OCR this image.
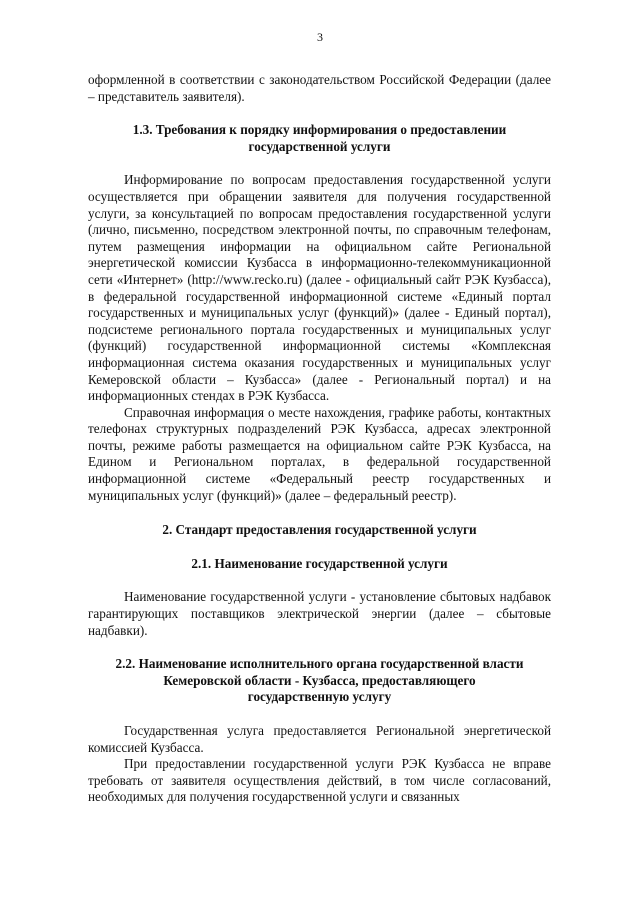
3

оформленной в соответствии с законодательством Российской Федерации (далее – представитель заявителя).

1.3. Требования к порядку информирования о предоставлении
государственной услуги

Информирование по вопросам предоставления государственной услуги осуществляется при обращении заявителя для получения государственной услуги, за консультацией по вопросам предоставления государственной услуги (лично, письменно, посредством электронной почты, по справочным телефонам, путем размещения информации на официальном сайте Региональной энергетической комиссии Кузбасса в информационно-телекоммуникационной сети «Интернет» (http://www.recko.ru) (далее - официальный сайт РЭК Кузбасса), в федеральной государственной информационной системе «Единый портал государственных и муниципальных услуг (функций)» (далее - Единый портал), подсистеме регионального портала государственных и муниципальных услуг (функций) государственной информационной системы «Комплексная информационная система оказания государственных и муниципальных услуг Кемеровской области – Кузбасса» (далее - Региональный портал) и на информационных стендах в РЭК Кузбасса.

Справочная информация о месте нахождения, графике работы, контактных телефонах структурных подразделений РЭК Кузбасса, адресах электронной почты, режиме работы размещается на официальном сайте РЭК Кузбасса, на Едином и Региональном порталах, в федеральной государственной информационной системе «Федеральный реестр государственных и муниципальных услуг (функций)» (далее – федеральный реестр).

2. Стандарт предоставления государственной услуги
2.1. Наименование государственной услуги

Наименование государственной услуги - установление сбытовых надбавок гарантирующих поставщиков электрической энергии (далее – сбытовые надбавки).

2.2. Наименование исполнительного органа государственной власти
Кемеровской области - Кузбасса, предоставляющего
государственную услугу

Государственная услуга предоставляется Региональной энергетической комиссией Кузбасса.

При предоставлении государственной услуги РЭК Кузбасса не вправе требовать от заявителя осуществления действий, в том числе согласований, необходимых для получения государственной услуги и связанных
